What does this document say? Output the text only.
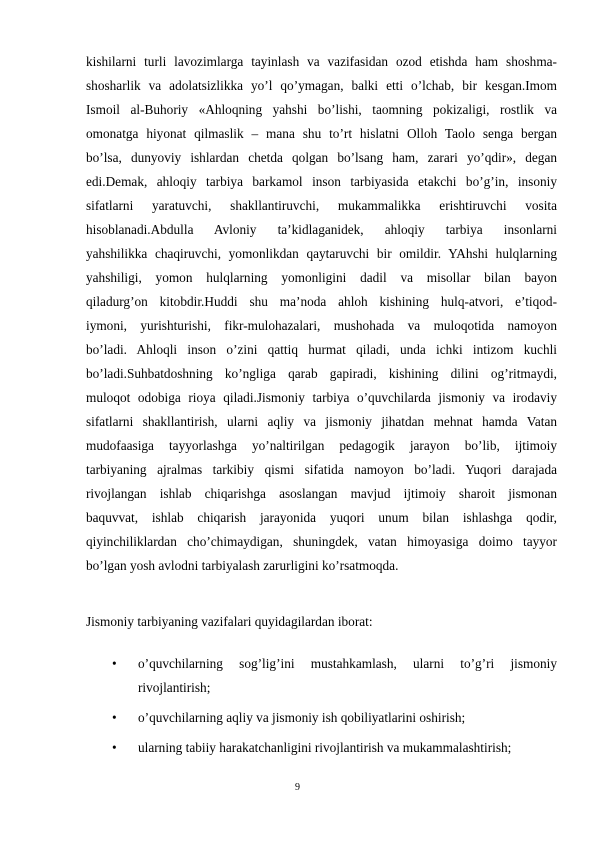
kishilarni turli lavozimlarga tayinlash va vazifasidan ozod etishda ham shoshma-
shosharlik va adolatsizlikka yo’l qo’ymagan, balki etti o’lchab, bir kesgan.Imom
Ismoil al-Buhoriy «Ahloqning yahshi bo’lishi, taomning pokizaligi, rostlik va
omonatga hiyonat qilmaslik – mana shu to’rt hislatni Olloh Taolo senga bergan
bo’lsa, dunyoviy ishlardan chetda qolgan bo’lsang ham, zarari yo’qdir», degan
edi.Demak, ahloqiy tarbiya barkamol inson tarbiyasida etakchi bo’g’in, insoniy
sifatlarni yaratuvchi, shakllantiruvchi, mukammalikka erishtiruvchi vosita
hisoblanadi.Abdulla Avloniy ta’kidlaganidek, ahloqiy tarbiya insonlarni
yahshilikka chaqiruvchi, yomonlikdan qaytaruvchi bir omildir. YAhshi hulqlarning
yahshiligi, yomon hulqlarning yomonligini dadil va misollar bilan bayon
qiladurg’on kitobdir.Huddi shu ma’noda ahloh kishining hulq-atvori, e’tiqod-
iymoni, yurishturishi, fikr-mulohazalari, mushohada va muloqotida namoyon
bo’ladi. Ahloqli inson o’zini qattiq hurmat qiladi, unda ichki intizom kuchli
bo’ladi.Suhbatdoshning ko’ngliga qarab gapiradi, kishining dilini og’ritmaydi,
muloqot odobiga rioya qiladi.Jismoniy tarbiya o’quvchilarda jismoniy va irodaviy
sifatlarni shakllantirish, ularni aqliy va jismoniy jihatdan mehnat hamda Vatan
mudofaasiga tayyorlashga yo’naltirilgan pedagogik jarayon bo’lib, ijtimoiy
tarbiyaning ajralmas tarkibiy qismi sifatida namoyon bo’ladi. Yuqori darajada
rivojlangan ishlab chiqarishga asoslangan mavjud ijtimoiy sharoit jismonan
baquvvat, ishlab chiqarish jarayonida yuqori unum bilan ishlashga qodir,
qiyinchiliklardan cho’chimaydigan, shuningdek, vatan himoyasiga doimo tayyor
bo’lgan yosh avlodni tarbiyalash zarurligini ko’rsatmoqda.

Jismoniy tarbiyaning vazifalari quyidagilardan iborat:

• o’quvchilarning sog’lig’ini mustahkamlash, ularni to’g’ri jismoniy
rivojlantirish;
• o’quvchilarning aqliy va jismoniy ish qobiliyatlarini oshirish;
• ularning tabiiy harakatchanligini rivojlantirish va mukammalashtirish;
9
